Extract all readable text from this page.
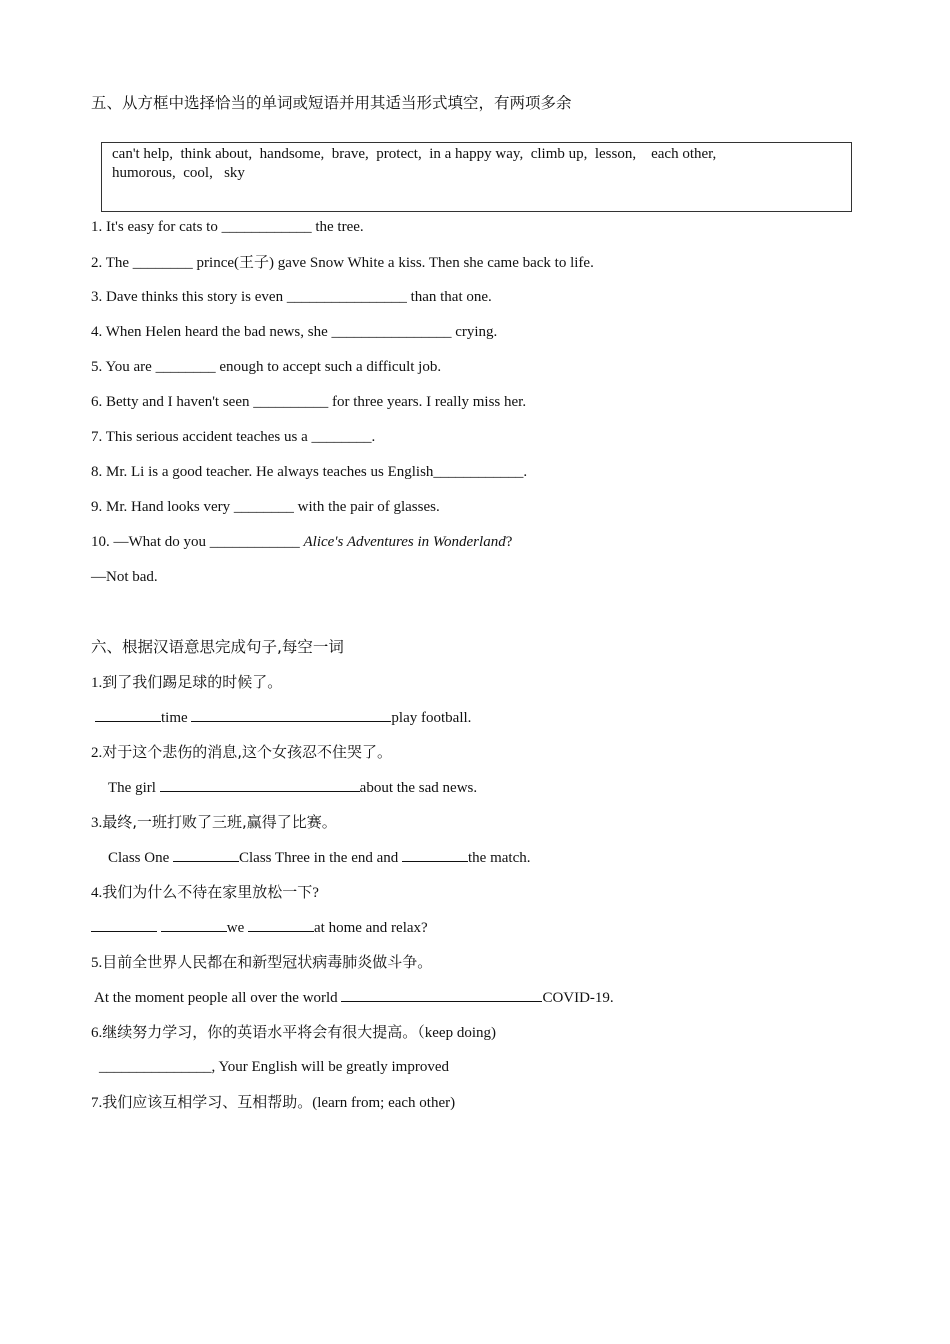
五、从方框中选择恰当的单词或短语并用其适当形式填空，有两项多余
can't help,  think about,  handsome,  brave,  protect,  in a happy way,  climb up,  lesson,    each other,
humorous,  cool,   sky
1. It's easy for cats to ____________ the tree.
2. The ________ prince(王子) gave Snow White a kiss. Then she came back to life.
3. Dave thinks this story is even ________________ than that one.
4. When Helen heard the bad news, she ________________ crying.
5. You are ________ enough to accept such a difficult job.
6. Betty and I haven't seen __________ for three years. I really miss her.
7. This serious accident teaches us a ________.
8. Mr. Li is a good teacher. He always teaches us English____________.
9. Mr. Hand looks very ________ with the pair of glasses.
10. —What do you ____________ Alice's Adventures in Wonderland?
—Not bad.
六、根据汉语意思完成句子,每空一词
1.到了我们踢足球的时候了。
time	play football.
2.对于这个悲伤的消息,这个女孩忍不住哭了。
The girl	about the sad news.
3.最终,一班打败了三班,赢得了比赛。
Class One	Class Three in the end and	the match.
4.我们为什么不待在家里放松一下?
we	at home and relax?
5.目前全世界人民都在和新型冠状病毒肺炎做斗争。
At the moment people all over the world	COVID-19.
6.继续努力学习，你的英语水平将会有很大提高。（keep doing)
_______________, Your English will be greatly improved
7.我们应该互相学习、互相帮助。(learn from; each other)
